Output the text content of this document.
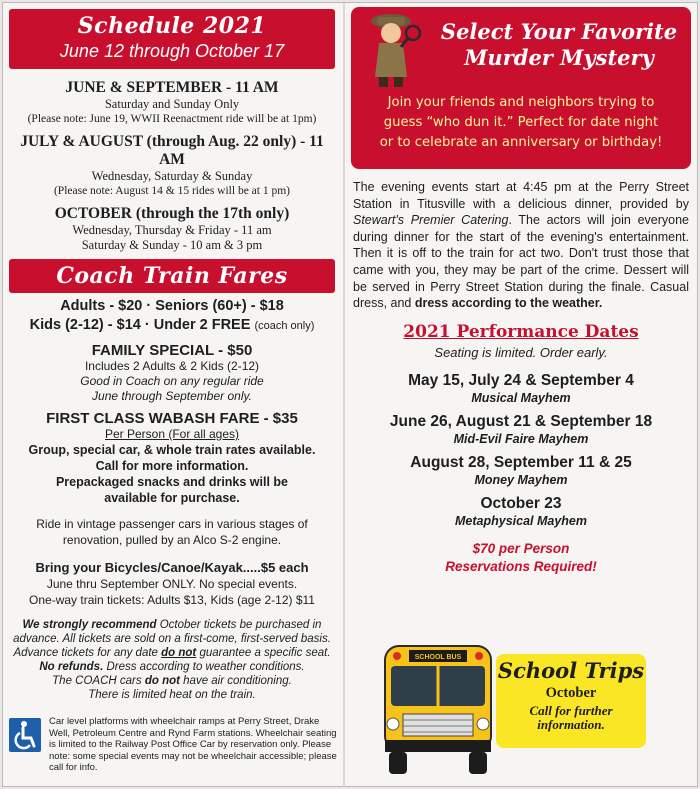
Schedule 2021
June 12 through October 17
JUNE & SEPTEMBER - 11 AM

Saturday and Sunday Only

(Please note: June 19, WWII Reenactment ride will be at 1pm)

JULY & AUGUST (through Aug. 22 only) - 11 AM

Wednesday, Saturday & Sunday

(Please note: August 14 & 15 rides will be at 1 pm)

OCTOBER (through the 17th only)

Wednesday, Thursday & Friday - 11 am

Saturday & Sunday - 10 am & 3 pm

Coach Train Fares
Adults - $20 · Seniors (60+) - $18
Kids (2-12) - $14 · Under 2 FREE (coach only)
FAMILY SPECIAL - $50
Includes 2 Adults & 2 Kids (2-12)
Good in Coach on any regular ride
June through September only.
FIRST CLASS WABASH FARE - $35
Per Person (For all ages)
Group, special car, & whole train rates available.
Call for more information.
Prepackaged snacks and drinks will be
available for purchase.
Ride in vintage passenger cars in various stages of
renovation, pulled by an Alco S-2 engine.
Bring your Bicycles/Canoe/Kayak.....$5 each
June thru September ONLY. No special events.
One-way train tickets: Adults $13, Kids (age 2-12) $11
We strongly recommend October tickets be purchased in
advance. All tickets are sold on a first-come, first-served basis.
Advance tickets for any date do not guarantee a specific seat.
No refunds. Dress according to weather conditions.
The COACH cars do not have air conditioning.
There is limited heat on the train.
Car level platforms with wheelchair ramps at Perry Street, Drake Well, Petroleum Centre and Rynd Farm stations. Wheelchair seating is limited to the Railway Post Office Car by reservation only. Please note: some special events may not be wheelchair accessible; please call for info.
Select Your Favorite
Murder Mystery
Join your friends and neighbors trying to
guess “who dun it.” Perfect for date night
or to celebrate an anniversary or birthday!
The evening events start at 4:45 pm at the Perry Street Station in Titusville with a delicious dinner, provided by Stewart's Premier Catering. The actors will join everyone during dinner for the start of the evening's entertainment. Then it is off to the train for act two. Don't trust those that came with you, they may be part of the crime. Dessert will be served in Perry Street Station during the finale. Casual dress, and dress according to the weather.
2021 Performance Dates
Seating is limited. Order early.
May 15, July 24 & September 4
Musical Mayhem
June 26, August 21 & September 18
Mid-Evil Faire Mayhem
August 28, September 11 & 25
Money Mayhem
October 23
Metaphysical Mayhem
$70 per Person
Reservations Required!
SCHOOL BUS
School Trips
October
Call for further
information.
